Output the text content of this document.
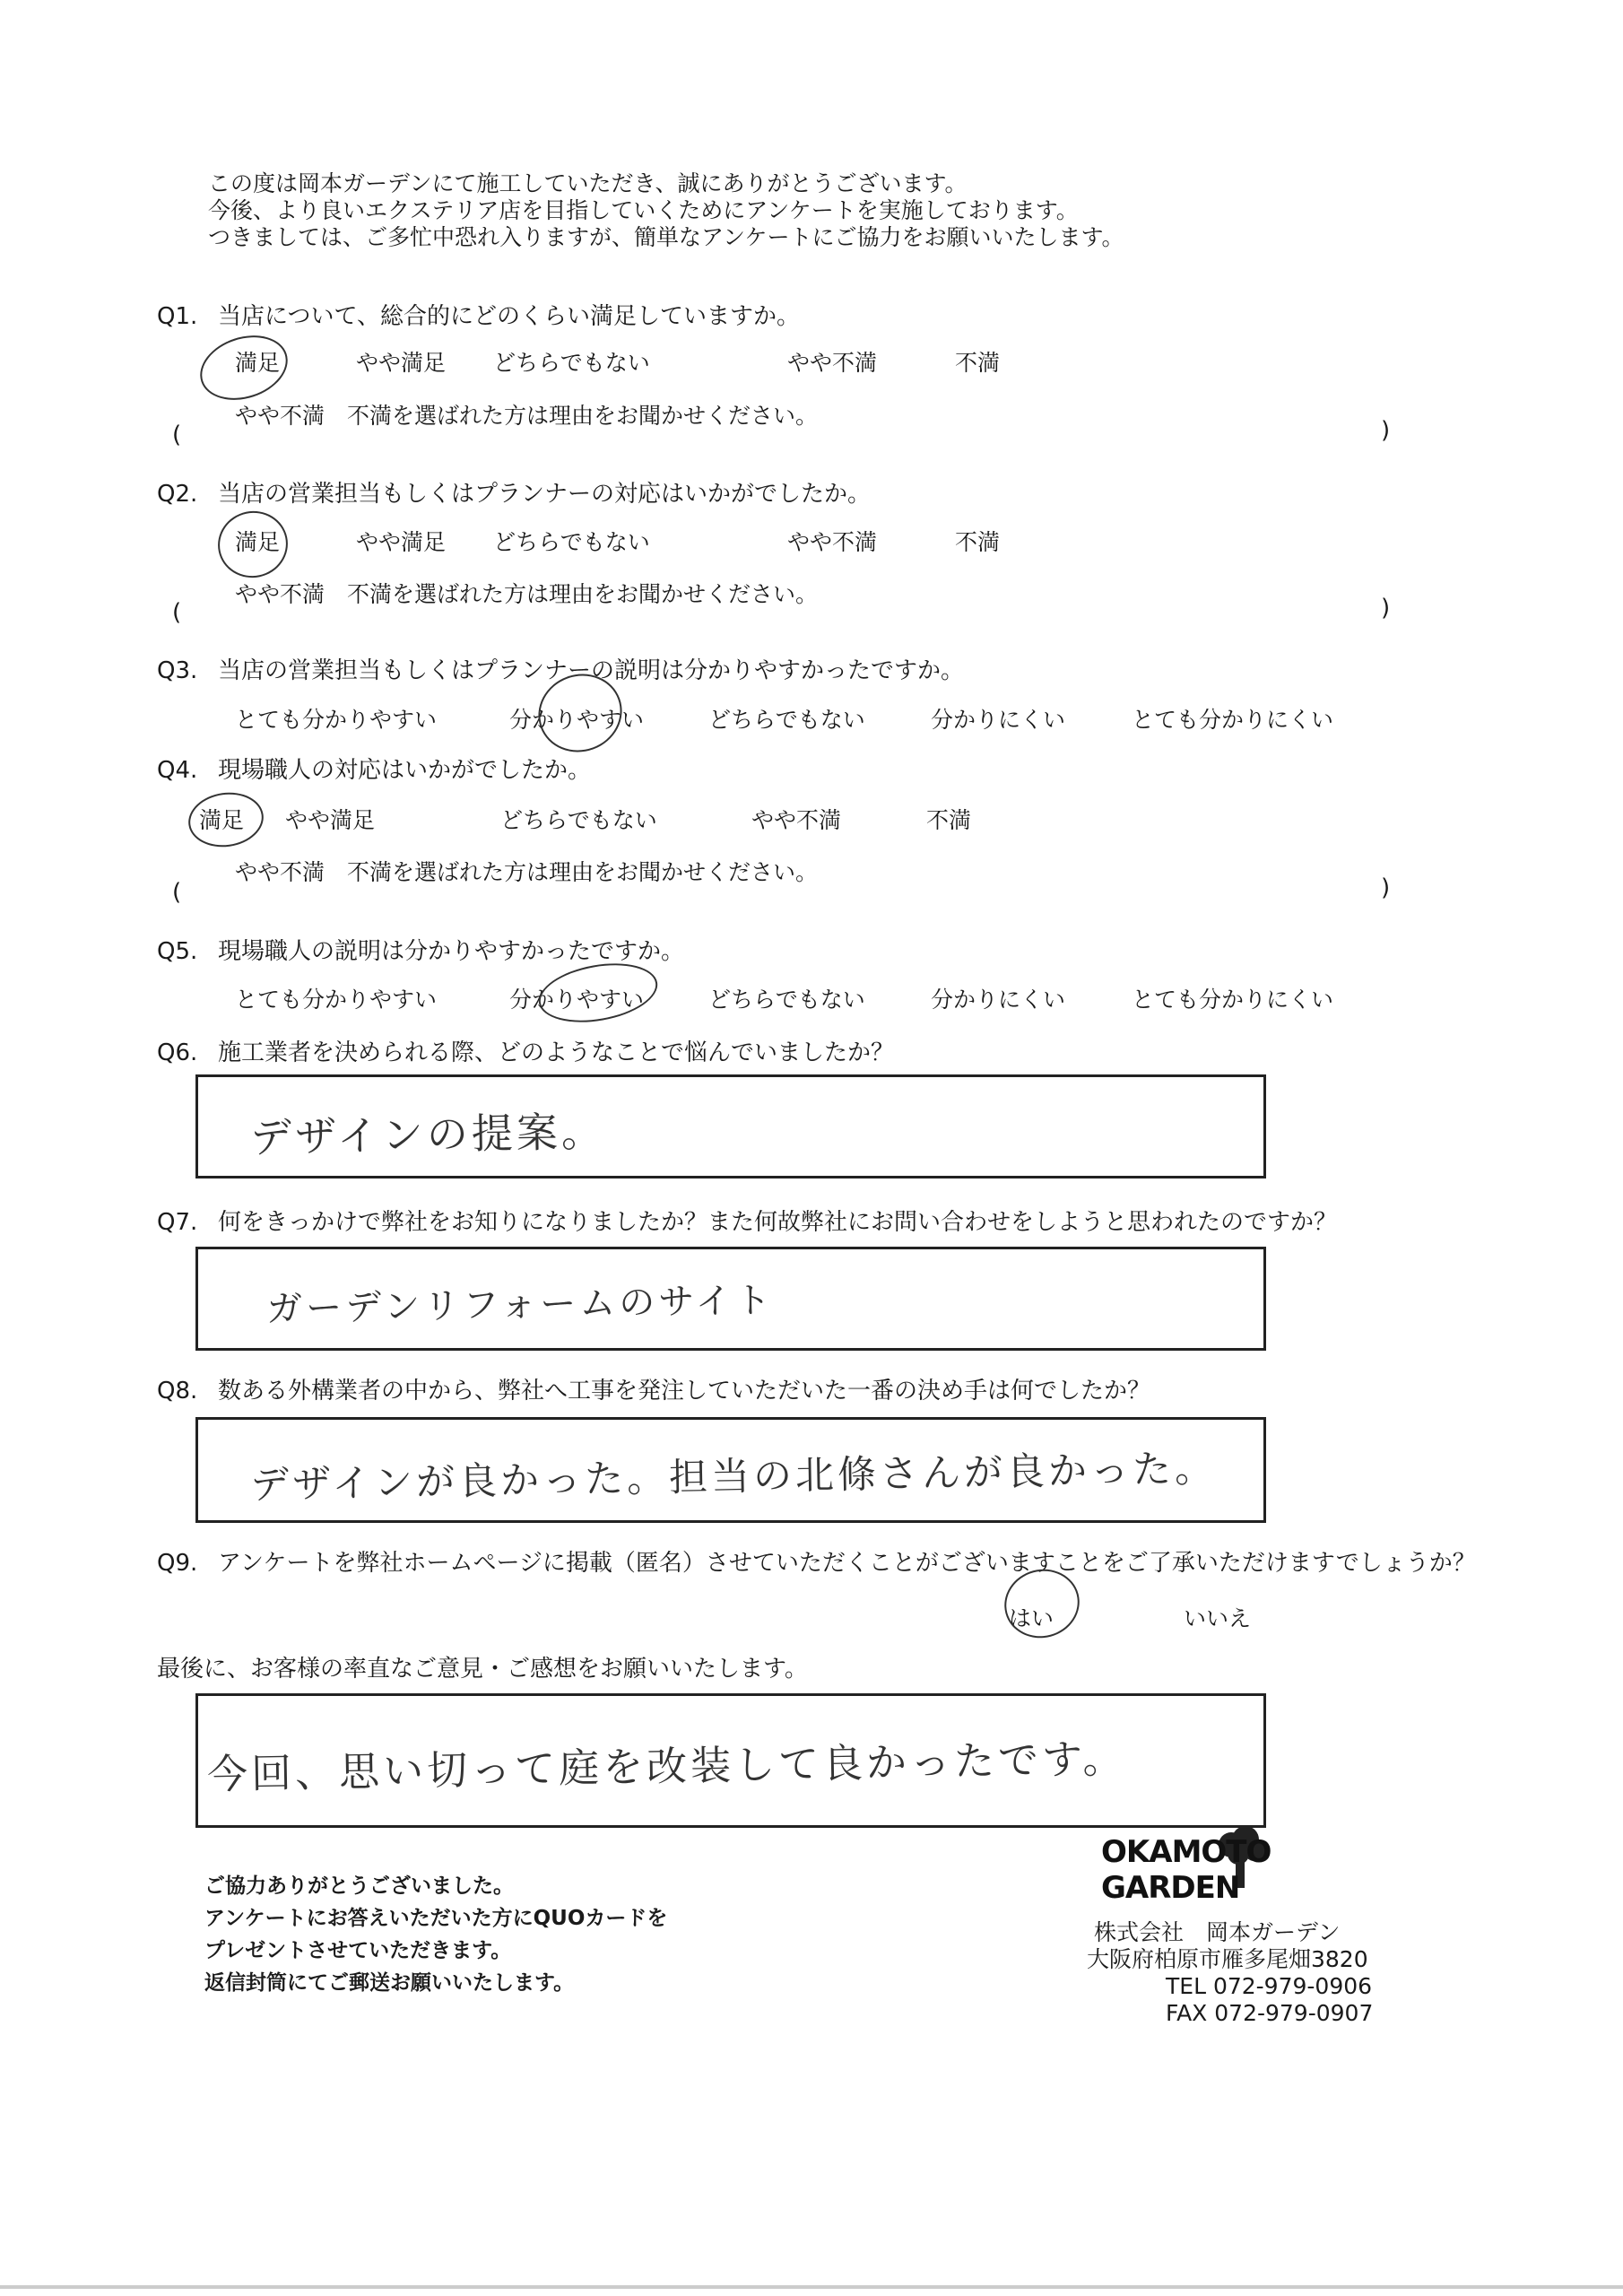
この度は岡本ガーデンにて施工していただき、誠にありがとうございます。
今後、より良いエクステリア店を目指していくためにアンケートを実施しております。
つきましては、ご多忙中恐れ入りますが、簡単なアンケートにご協力をお願いいたします。
Q1. 当店について、総合的にどのくらい満足していますか。
満足	やや満足 どちらでもない	やや不満	不満
やや不満　不満を選ばれた方は理由をお聞かせください。
(	)
Q2. 当店の営業担当もしくはプランナーの対応はいかがでしたか。
満足	やや満足 どちらでもない	やや不満	不満
やや不満　不満を選ばれた方は理由をお聞かせください。
(	)
Q3. 当店の営業担当もしくはプランナーの説明は分かりやすかったですか。
とても分かりやすい	分かりやすい	どちらでもない	分かりにくい	とても分かりにくい
Q4. 現場職人の対応はいかがでしたか。
満足 やや満足	どちらでもない	やや不満	不満
やや不満　不満を選ばれた方は理由をお聞かせください。
(	)
Q5. 現場職人の説明は分かりやすかったですか。
とても分かりやすい	分かりやすい	どちらでもない	分かりにくい	とても分かりにくい
Q6. 施工業者を決められる際、どのようなことで悩んでいましたか？
デザインの提案。
Q7. 何をきっかけで弊社をお知りになりましたか？また何故弊社にお問い合わせをしようと思われたのですか？
ガーデンリフォームのサイト
Q8. 数ある外構業者の中から、弊社へ工事を発注していただいた一番の決め手は何でしたか？
デザインが良かった。担当の北條さんが良かった。
Q9. アンケートを弊社ホームページに掲載（匿名）させていただくことがございますことをご了承いただけますでしょうか？
はい	いいえ
最後に、お客様の率直なご意見・ご感想をお願いいたします。
今回、思い切って庭を改装して良かったです。
ご協力ありがとうございました。
アンケートにお答えいただいた方にQUOカードを
プレゼントさせていただきます。
返信封筒にてご郵送お願いいたします。
OKAMOTO GARDEN
株式会社　岡本ガーデン
大阪府柏原市雁多尾畑3820
TEL 072-979-0906
FAX 072-979-0907
